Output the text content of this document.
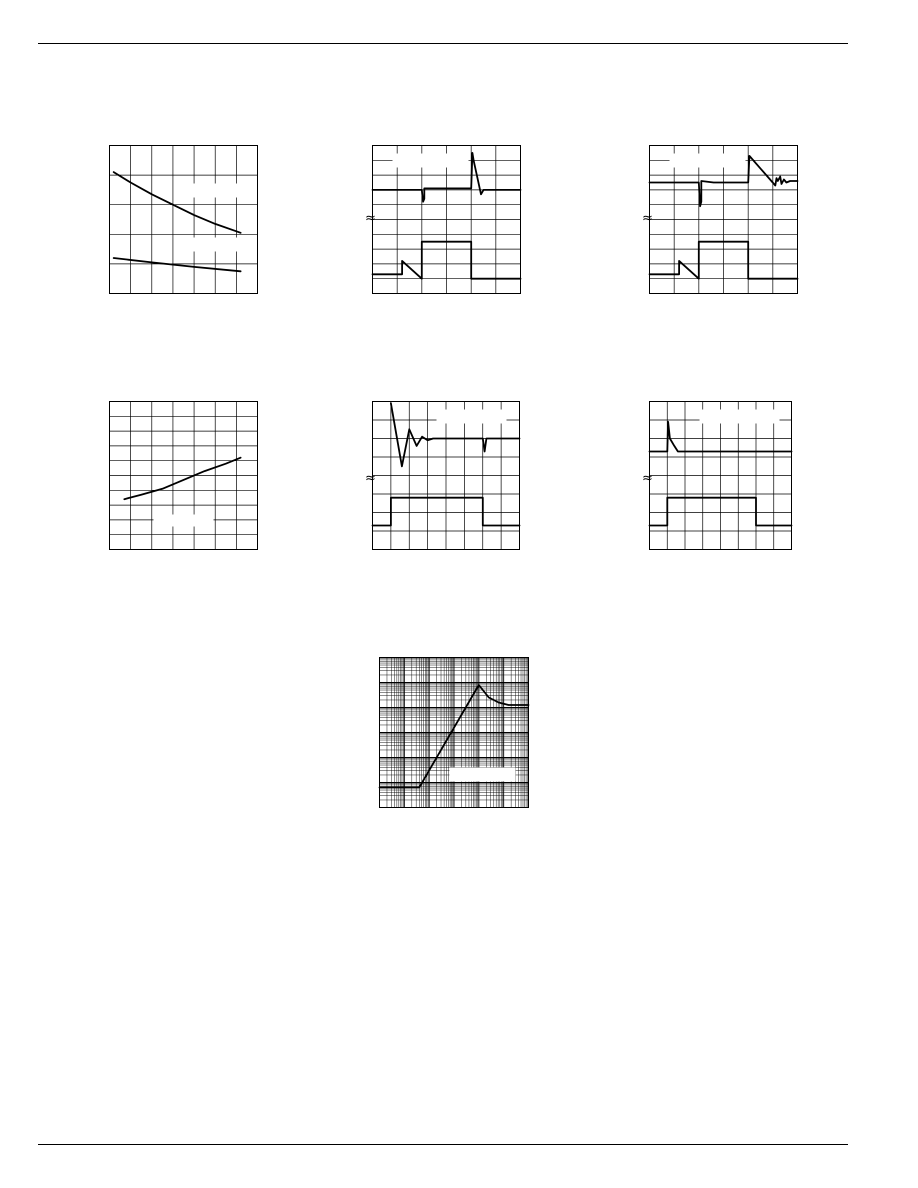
≈	≈
≈	≈
